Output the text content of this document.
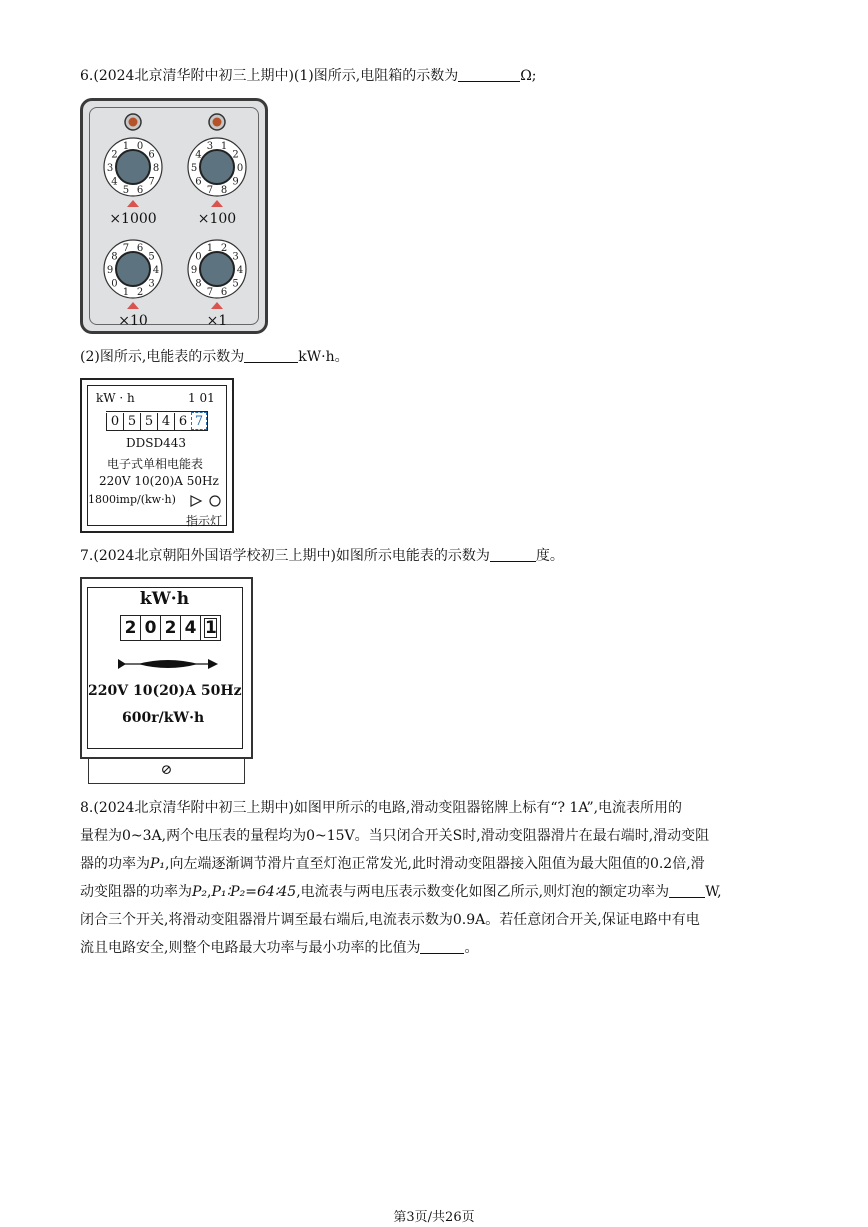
6.(2024北京清华附中初三上期中)(1)图所示,电阻箱的示数为	Ω;
0
6
8
7
6
5
4
3
2
1
×1000
1
2
0
9
8
7
6
5
4
3
×100
6
5
4
3
2
1
0
9
8
7
×10
2
3
4
5
6
7
8
9
0
1
×1
(2)图所示,电能表的示数为	kW·h。
kW · h	1 01
0 5 5 4 6 7
DDSD443
电子式单相电能表
220V 10(20)A 50Hz
1800imp/(kw·h)
指示灯
7.(2024北京朝阳外国语学校初三上期中)如图所示电能表的示数为	度。
kW·h
2 0 2 4 1
220V 10(20)A 50Hz
600r/kW·h
⊘
8.(2024北京清华附中初三上期中)如图甲所示的电路,滑动变阻器铭牌上标有“? 1A”,电流表所用的
量程为0~3A,两个电压表的量程均为0~15V。当只闭合开关S时,滑动变阻器滑片在最右端时,滑动变阻
器的功率为P₁,向左端逐渐调节滑片直至灯泡正常发光,此时滑动变阻器接入阻值为最大阻值的0.2倍,滑
动变阻器的功率为P₂,P₁∶P₂=64∶45,电流表与两电压表示数变化如图乙所示,则灯泡的额定功率为	W,
闭合三个开关,将滑动变阻器滑片调至最右端后,电流表示数为0.9A。若任意闭合开关,保证电路中有电
流且电路安全,则整个电路最大功率与最小功率的比值为	。
第3页/共26页
